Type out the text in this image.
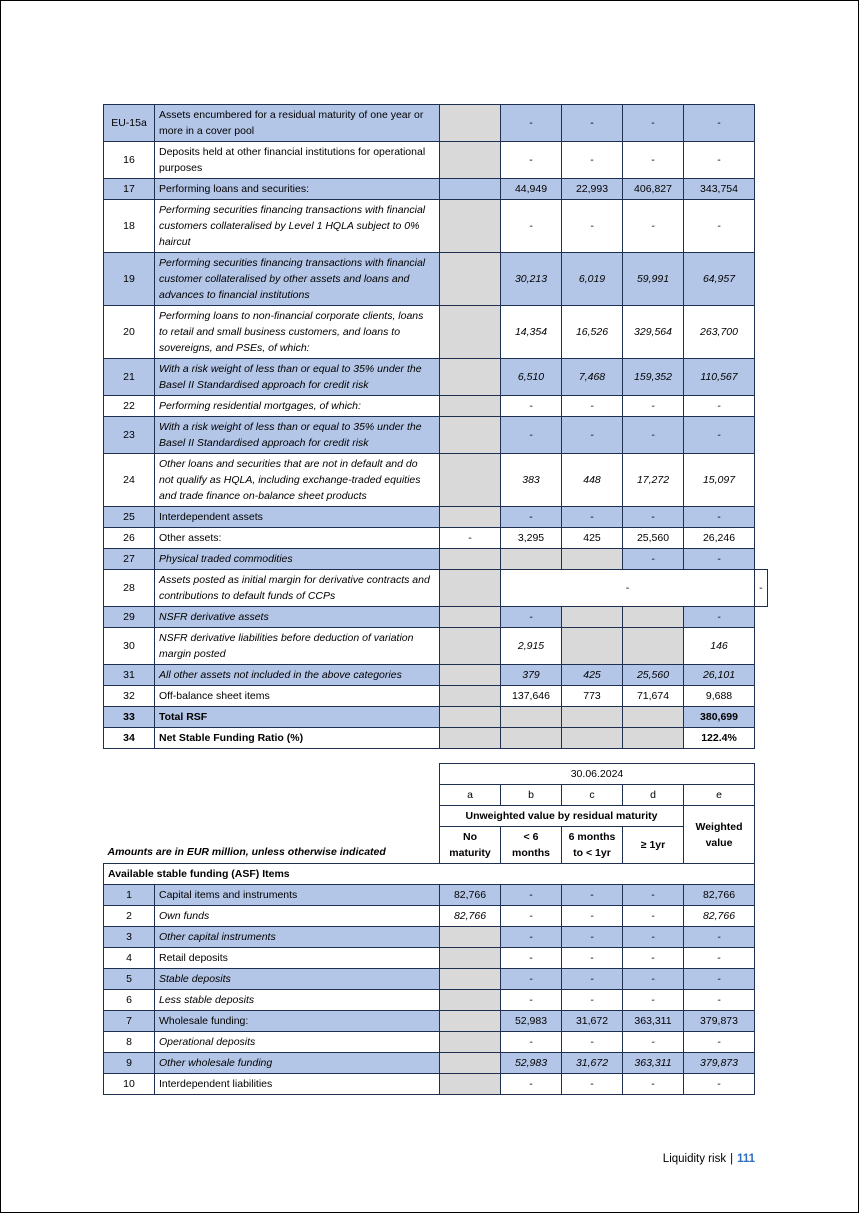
EU-15a	Assets encumbered for a residual maturity of one year or more in a cover pool		-	-	-	-	
16	Deposits held at other financial institutions for operational purposes		-	-	-	-	
17	Performing loans and securities:		44,949	22,993	406,827	343,754	
18	Performing securities financing transactions with financial customers collateralised by Level 1 HQLA subject to 0% haircut		-	-	-	-	
19	Performing securities financing transactions with financial customer collateralised by other assets and loans and advances to financial institutions		30,213	6,019	59,991	64,957	
20	Performing loans to non-financial corporate clients, loans to retail and small business customers, and loans to sovereigns, and PSEs, of which:		14,354	16,526	329,564	263,700	
21	With a risk weight of less than or equal to 35% under the Basel II Standardised approach for credit risk		6,510	7,468	159,352	110,567	
22	Performing residential mortgages, of which:		-	-	-	-	
23	With a risk weight of less than or equal to 35% under the Basel II Standardised approach for credit risk		-	-	-	-	
24	Other loans and securities that are not in default and do not qualify as HQLA, including exchange-traded equities and trade finance on-balance sheet products		383	448	17,272	15,097	
25	Interdependent assets		-	-	-	-	
26	Other assets:	-	3,295	425	25,560	26,246	
27	Physical traded commodities				-	-	
28	Assets posted as initial margin for derivative contracts and contributions to default funds of CCPs		-				-
29	NSFR derivative assets		-			-	
30	NSFR derivative liabilities before deduction of variation margin posted		2,915			146	
31	All other assets not included in the above categories		379	425	25,560	26,101	
32	Off-balance sheet items		137,646	773	71,674	9,688	
33	Total RSF					380,699	
34	Net Stable Funding Ratio (%)					122.4%	
		30.06.2024				
		a	b	c	d	e
Amounts are in EUR million, unless otherwise indicated		Unweighted value by residual maturity				Weighted value
		No maturity	< 6 months	6 months to < 1yr	≥ 1yr	
Available stable funding (ASF) Items						
1	Capital items and instruments	82,766	-	-	-	82,766
2	Own funds	82,766	-	-	-	82,766
3	Other capital instruments		-	-	-	-
4	Retail deposits		-	-	-	-
5	Stable deposits		-	-	-	-
6	Less stable deposits		-	-	-	-
7	Wholesale funding:		52,983	31,672	363,311	379,873
8	Operational deposits		-	-	-	-
9	Other wholesale funding		52,983	31,672	363,311	379,873
10	Interdependent liabilities		-	-	-	-
Liquidity risk | 111
